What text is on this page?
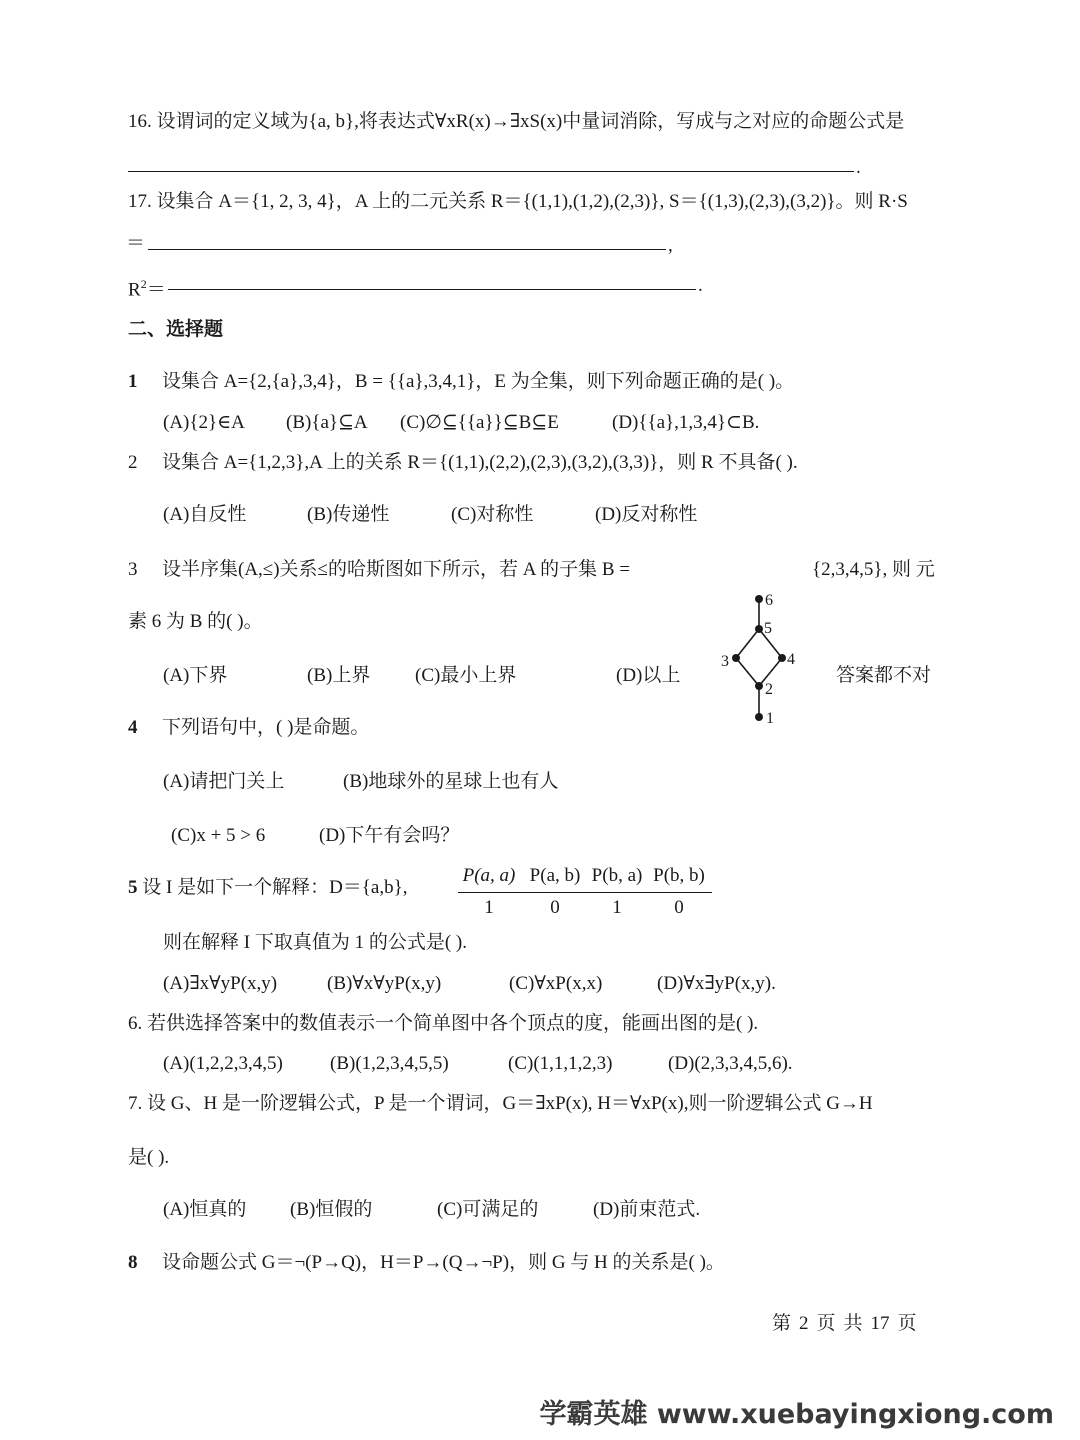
16. 设谓词的定义域为{a, b},将表达式∀xR(x)→∃xS(x)中量词消除，写成与之对应的命题公式是
.
17. 设集合 A＝{1, 2, 3, 4}，A 上的二元关系 R＝{(1,1),(1,2),(2,3)}, S＝{(1,3),(2,3),(3,2)}。则 R·S
＝	,
$R^2=$	.
二、选择题
1 设集合 A={2,{a},3,4}，B = {{a},3,4,1}，E 为全集，则下列命题正确的是( )。
(A){2}∈A (B){a}⊆A (C)∅⊆{{a}}⊆B⊆E	(D){{a},1,3,4}⊂B.
2 设集合 A={1,2,3},A 上的关系 R＝{(1,1),(2,2),(2,3),(3,2),(3,3)}，则 R 不具备( ).
(A)自反性	(B)传递性	(C)对称性	(D)反对称性
3 设半序集(A,≤)关系≤的哈斯图如下所示，若 A 的子集 B =	{2,3,4,5}, 则 元
素 6 为 B 的( )。
(A)下界	(B)上界 (C)最小上界	(D)以上	答案都不对
6
5
3	4
2
1
4 下列语句中，( )是命题。
(A)请把门关上	(B)地球外的星球上也有人
(C)x + 5 > 6	(D)下午有会吗？
5 设 I 是如下一个解释：D＝{a,b},
P(a, a) P(a, b) P(b, a) P(b, b)
1	0	1	0
则在解释 I 下取真值为 1 的公式是( ).
(A)∃x∀yP(x,y)	(B)∀x∀yP(x,y)	(C)∀xP(x,x)	(D)∀x∃yP(x,y).
6. 若供选择答案中的数值表示一个简单图中各个顶点的度，能画出图的是( ).
(A)(1,2,2,3,4,5) (B)(1,2,3,4,5,5)	(C)(1,1,1,2,3)	(D)(2,3,3,4,5,6).
7. 设 G、H 是一阶逻辑公式，P 是一个谓词，G＝∃xP(x), H＝∀xP(x),则一阶逻辑公式 G→H
是( ).
(A)恒真的 (B)恒假的	(C)可满足的	(D)前束范式.
8 设命题公式 G＝¬(P→Q)，H＝P→(Q→¬P)，则 G 与 H 的关系是( )。
第 2 页 共 17 页
学霸英雄 www.xuebayingxiong.com
